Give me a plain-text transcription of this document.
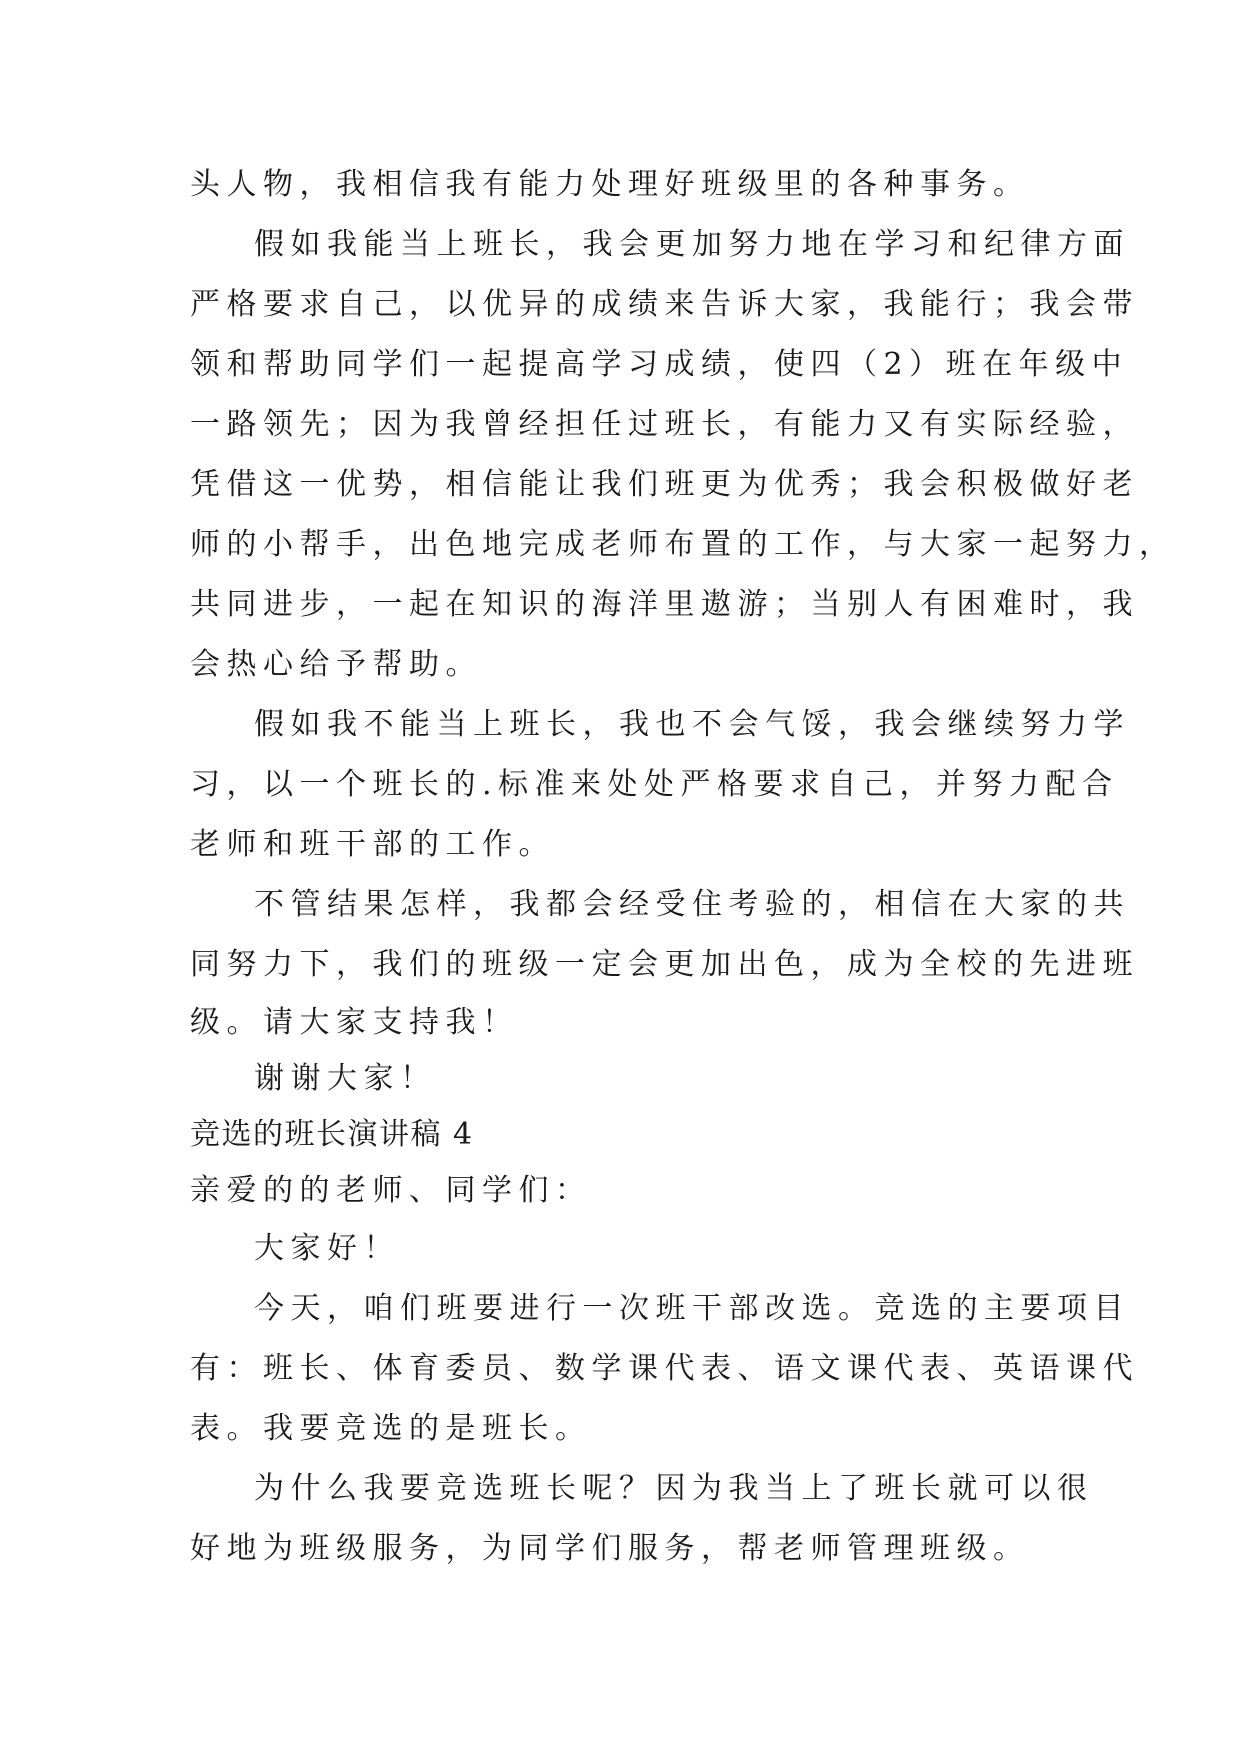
头人物，我相信我有能力处理好班级里的各种事务。
假如我能当上班长，我会更加努力地在学习和纪律方面
严格要求自己，以优异的成绩来告诉大家，我能行；我会带
领和帮助同学们一起提高学习成绩，使四（2）班在年级中
一路领先；因为我曾经担任过班长，有能力又有实际经验，
凭借这一优势，相信能让我们班更为优秀；我会积极做好老
师的小帮手，出色地完成老师布置的工作，与大家一起努力，
共同进步，一起在知识的海洋里遨游；当别人有困难时，我
会热心给予帮助。
假如我不能当上班长，我也不会气馁，我会继续努力学
习，以一个班长的.标准来处处严格要求自己，并努力配合
老师和班干部的工作。
不管结果怎样，我都会经受住考验的，相信在大家的共
同努力下，我们的班级一定会更加出色，成为全校的先进班
级。请大家支持我！
谢谢大家！
竞选的班长演讲稿 4
亲爱的的老师、同学们：
大家好！
今天，咱们班要进行一次班干部改选。竞选的主要项目
有：班长、体育委员、数学课代表、语文课代表、英语课代
表。我要竞选的是班长。
为什么我要竞选班长呢？因为我当上了班长就可以很
好地为班级服务，为同学们服务，帮老师管理班级。
